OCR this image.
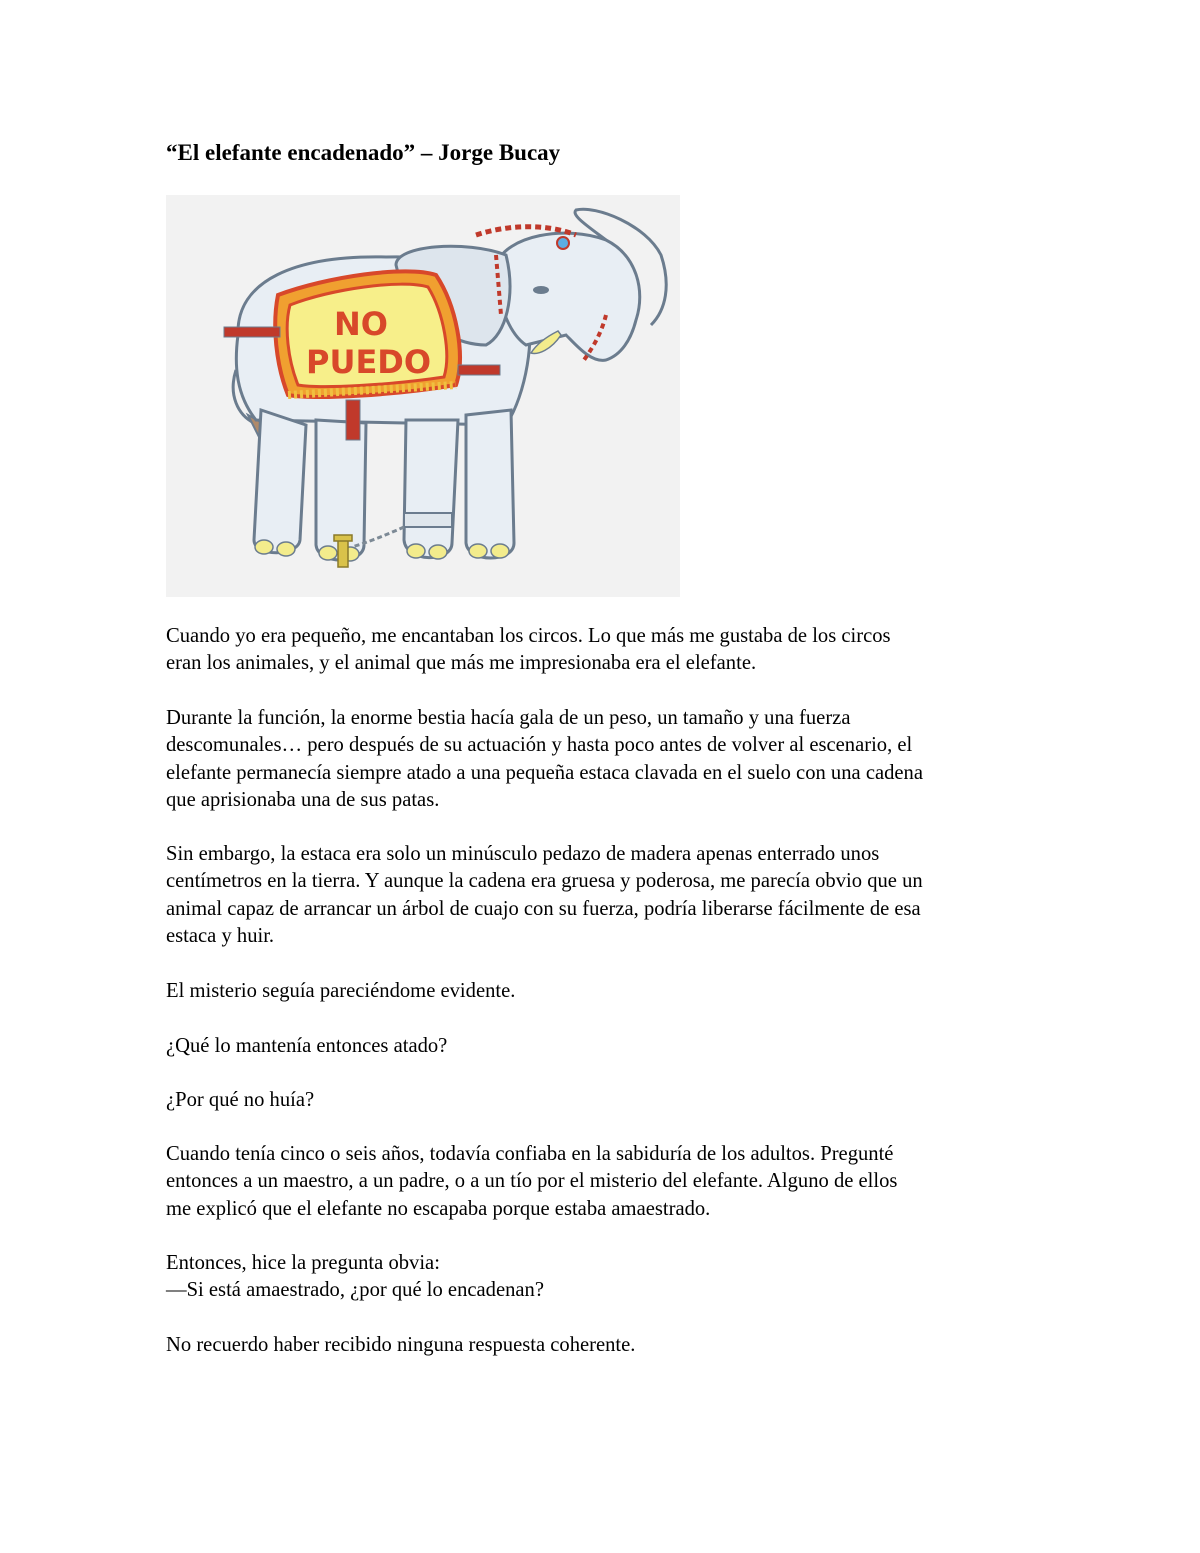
“El elefante encadenado” – Jorge Bucay
NO
PUEDO

Cuando yo era pequeño, me encantaban los circos. Lo que más me gustaba de los circos
eran los animales, y el animal que más me impresionaba era el elefante.

Durante la función, la enorme bestia hacía gala de un peso, un tamaño y una fuerza
descomunales… pero después de su actuación y hasta poco antes de volver al escenario, el
elefante permanecía siempre atado a una pequeña estaca clavada en el suelo con una cadena
que aprisionaba una de sus patas.

Sin embargo, la estaca era solo un minúsculo pedazo de madera apenas enterrado unos
centímetros en la tierra. Y aunque la cadena era gruesa y poderosa, me parecía obvio que un
animal capaz de arrancar un árbol de cuajo con su fuerza, podría liberarse fácilmente de esa
estaca y huir.

El misterio seguía pareciéndome evidente.

¿Qué lo mantenía entonces atado?

¿Por qué no huía?

Cuando tenía cinco o seis años, todavía confiaba en la sabiduría de los adultos. Pregunté
entonces a un maestro, a un padre, o a un tío por el misterio del elefante. Alguno de ellos
me explicó que el elefante no escapaba porque estaba amaestrado.

Entonces, hice la pregunta obvia:
—Si está amaestrado, ¿por qué lo encadenan?

No recuerdo haber recibido ninguna respuesta coherente.
